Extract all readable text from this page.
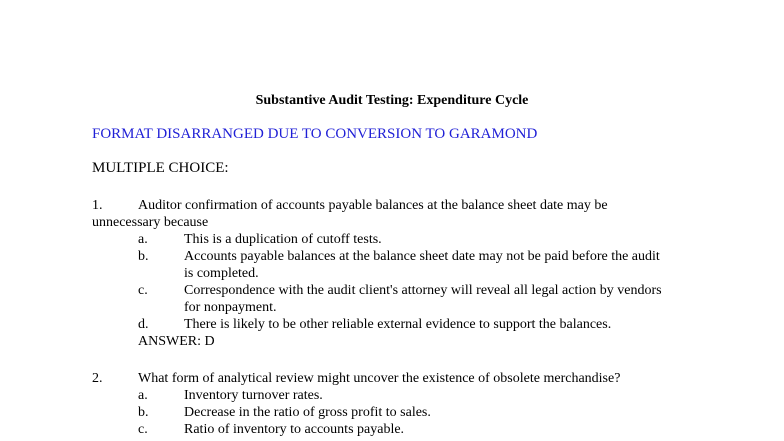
Substantive Audit Testing: Expenditure Cycle
FORMAT DISARRANGED DUE TO CONVERSION TO GARAMOND
MULTIPLE CHOICE:
1.	Auditor confirmation of accounts payable balances at the balance sheet date may be
unnecessary because
a.	This is a duplication of cutoff tests.
b.	Accounts payable balances at the balance sheet date may not be paid before the audit
is completed.
c.	Correspondence with the audit client's attorney will reveal all legal action by vendors
for nonpayment.
d.	There is likely to be other reliable external evidence to support the balances.
ANSWER: D
2.	What form of analytical review might uncover the existence of obsolete merchandise?
a.	Inventory turnover rates.
b.	Decrease in the ratio of gross profit to sales.
c.	Ratio of inventory to accounts payable.
